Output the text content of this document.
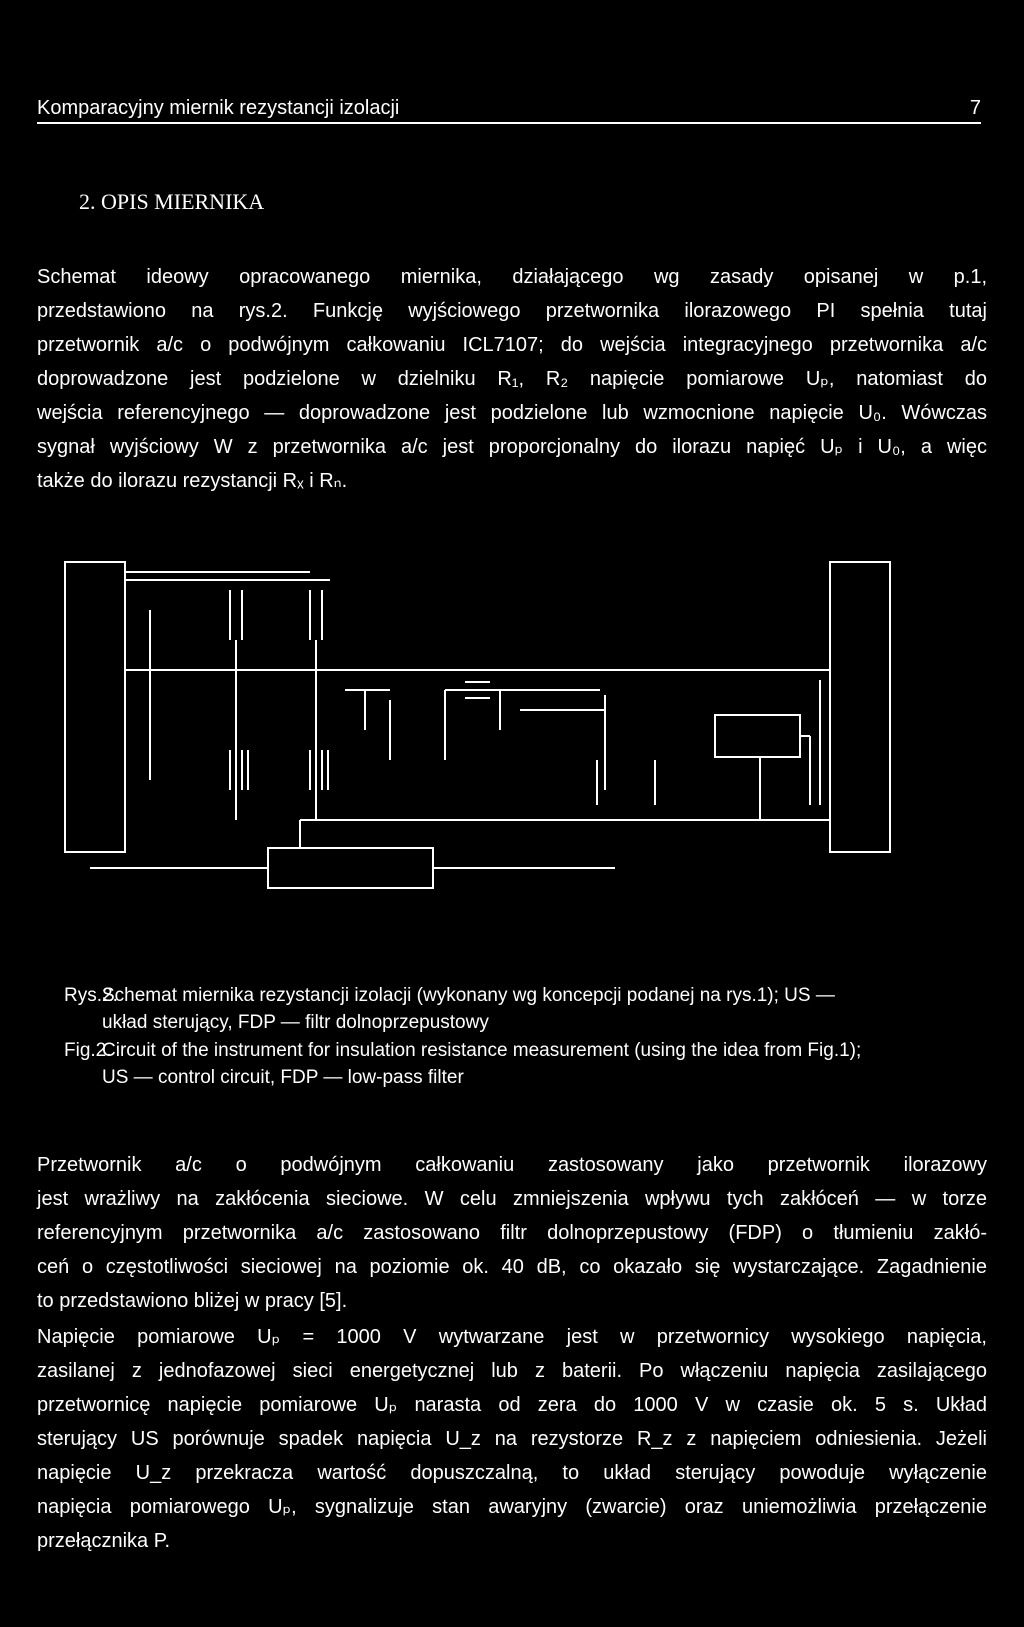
Komparacyjny miernik rezystancji izolacji	7
2. OPIS MIERNIKA
Schemat ideowy opracowanego miernika, działającego wg zasady opisanej w p.1,
przedstawiono na rys.2. Funkcję wyjściowego przetwornika ilorazowego PI spełnia tutaj
przetwornik a/c o podwójnym całkowaniu ICL7107; do wejścia integracyjnego przetwornika a/c
doprowadzone jest podzielone w dzielniku R₁, R₂ napięcie pomiarowe Uₚ, natomiast do
wejścia referencyjnego — doprowadzone jest podzielone lub wzmocnione napięcie U₀. Wówczas
sygnał wyjściowy W z przetwornika a/c jest proporcjonalny do ilorazu napięć Uₚ i U₀, a więc
także do ilorazu rezystancji Rₓ i Rₙ.
Rys.2.
Schemat miernika rezystancji izolacji (wykonany wg koncepcji podanej na rys.1); US —
układ sterujący, FDP — filtr dolnoprzepustowy
Fig.2.
Circuit of the instrument for insulation resistance measurement (using the idea from Fig.1);
US — control circuit, FDP — low-pass filter
Przetwornik a/c o podwójnym całkowaniu zastosowany jako przetwornik ilorazowy
jest wrażliwy na zakłócenia sieciowe. W celu zmniejszenia wpływu tych zakłóceń — w torze
referencyjnym przetwornika a/c zastosowano filtr dolnoprzepustowy (FDP) o tłumieniu zakłó-
ceń o częstotliwości sieciowej na poziomie ok. 40 dB, co okazało się wystarczające. Zagadnienie
to przedstawiono bliżej w pracy [5].
Napięcie pomiarowe Uₚ = 1000 V wytwarzane jest w przetwornicy wysokiego napięcia,
zasilanej z jednofazowej sieci energetycznej lub z baterii. Po włączeniu napięcia zasilającego
przetwornicę napięcie pomiarowe Uₚ narasta od zera do 1000 V w czasie ok. 5 s. Układ
sterujący US porównuje spadek napięcia U_z na rezystorze R_z z napięciem odniesienia. Jeżeli
napięcie U_z przekracza wartość dopuszczalną, to układ sterujący powoduje wyłączenie
napięcia pomiarowego Uₚ, sygnalizuje stan awaryjny (zwarcie) oraz uniemożliwia przełączenie
przełącznika P.
